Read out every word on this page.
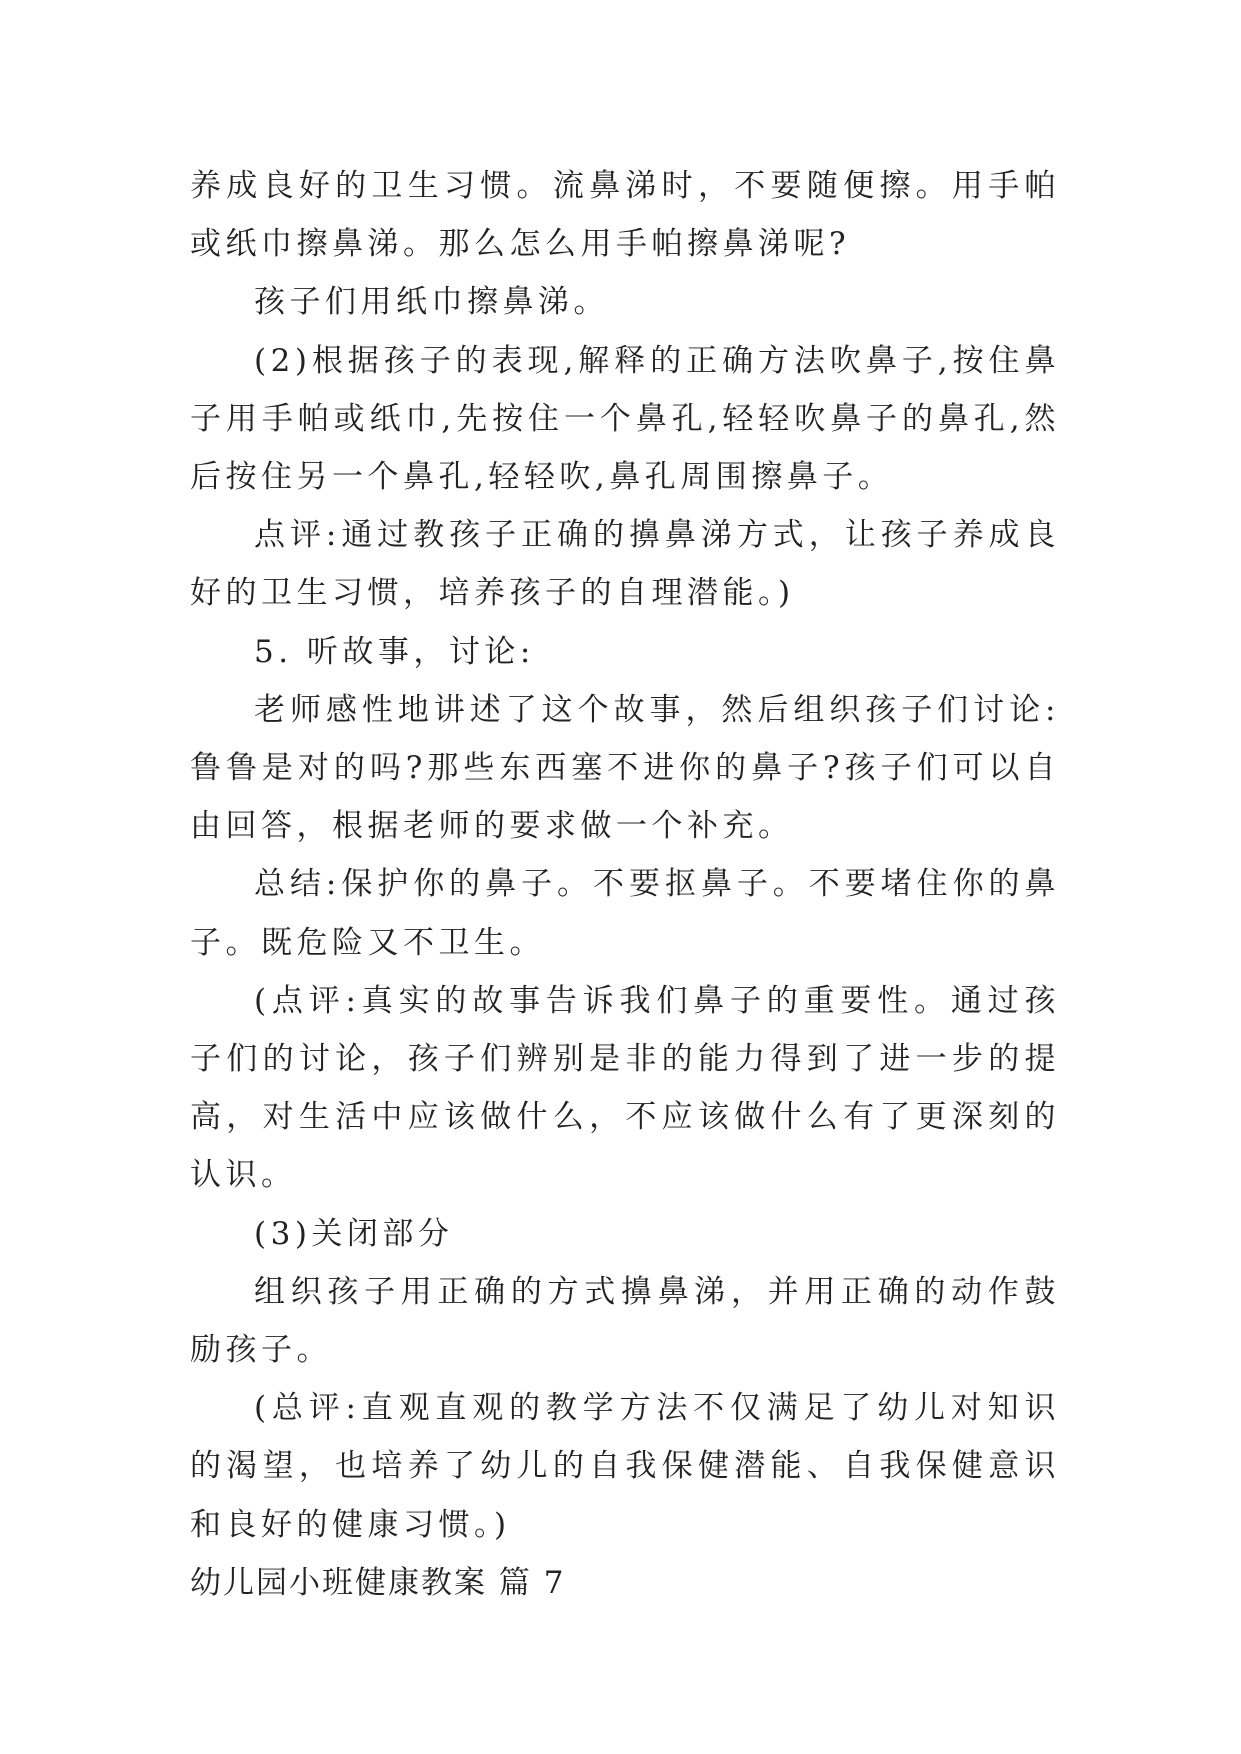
养成良好的卫生习惯。流鼻涕时，不要随便擦。用手帕或纸巾擦鼻涕。那么怎么用手帕擦鼻涕呢?

孩子们用纸巾擦鼻涕。

(2)根据孩子的表现,解释的正确方法吹鼻子,按住鼻子用手帕或纸巾,先按住一个鼻孔,轻轻吹鼻子的鼻孔,然后按住另一个鼻孔,轻轻吹,鼻孔周围擦鼻子。

点评:通过教孩子正确的擤鼻涕方式，让孩子养成良好的卫生习惯，培养孩子的自理潜能。)

5. 听故事，讨论:

老师感性地讲述了这个故事，然后组织孩子们讨论:鲁鲁是对的吗?那些东西塞不进你的鼻子?孩子们可以自由回答，根据老师的要求做一个补充。

总结:保护你的鼻子。不要抠鼻子。不要堵住你的鼻子。既危险又不卫生。

(点评:真实的故事告诉我们鼻子的重要性。通过孩子们的讨论，孩子们辨别是非的能力得到了进一步的提高，对生活中应该做什么，不应该做什么有了更深刻的认识。

(3)关闭部分

组织孩子用正确的方式擤鼻涕，并用正确的动作鼓励孩子。

(总评:直观直观的教学方法不仅满足了幼儿对知识的渴望，也培养了幼儿的自我保健潜能、自我保健意识和良好的健康习惯。)

幼儿园小班健康教案 篇 7
